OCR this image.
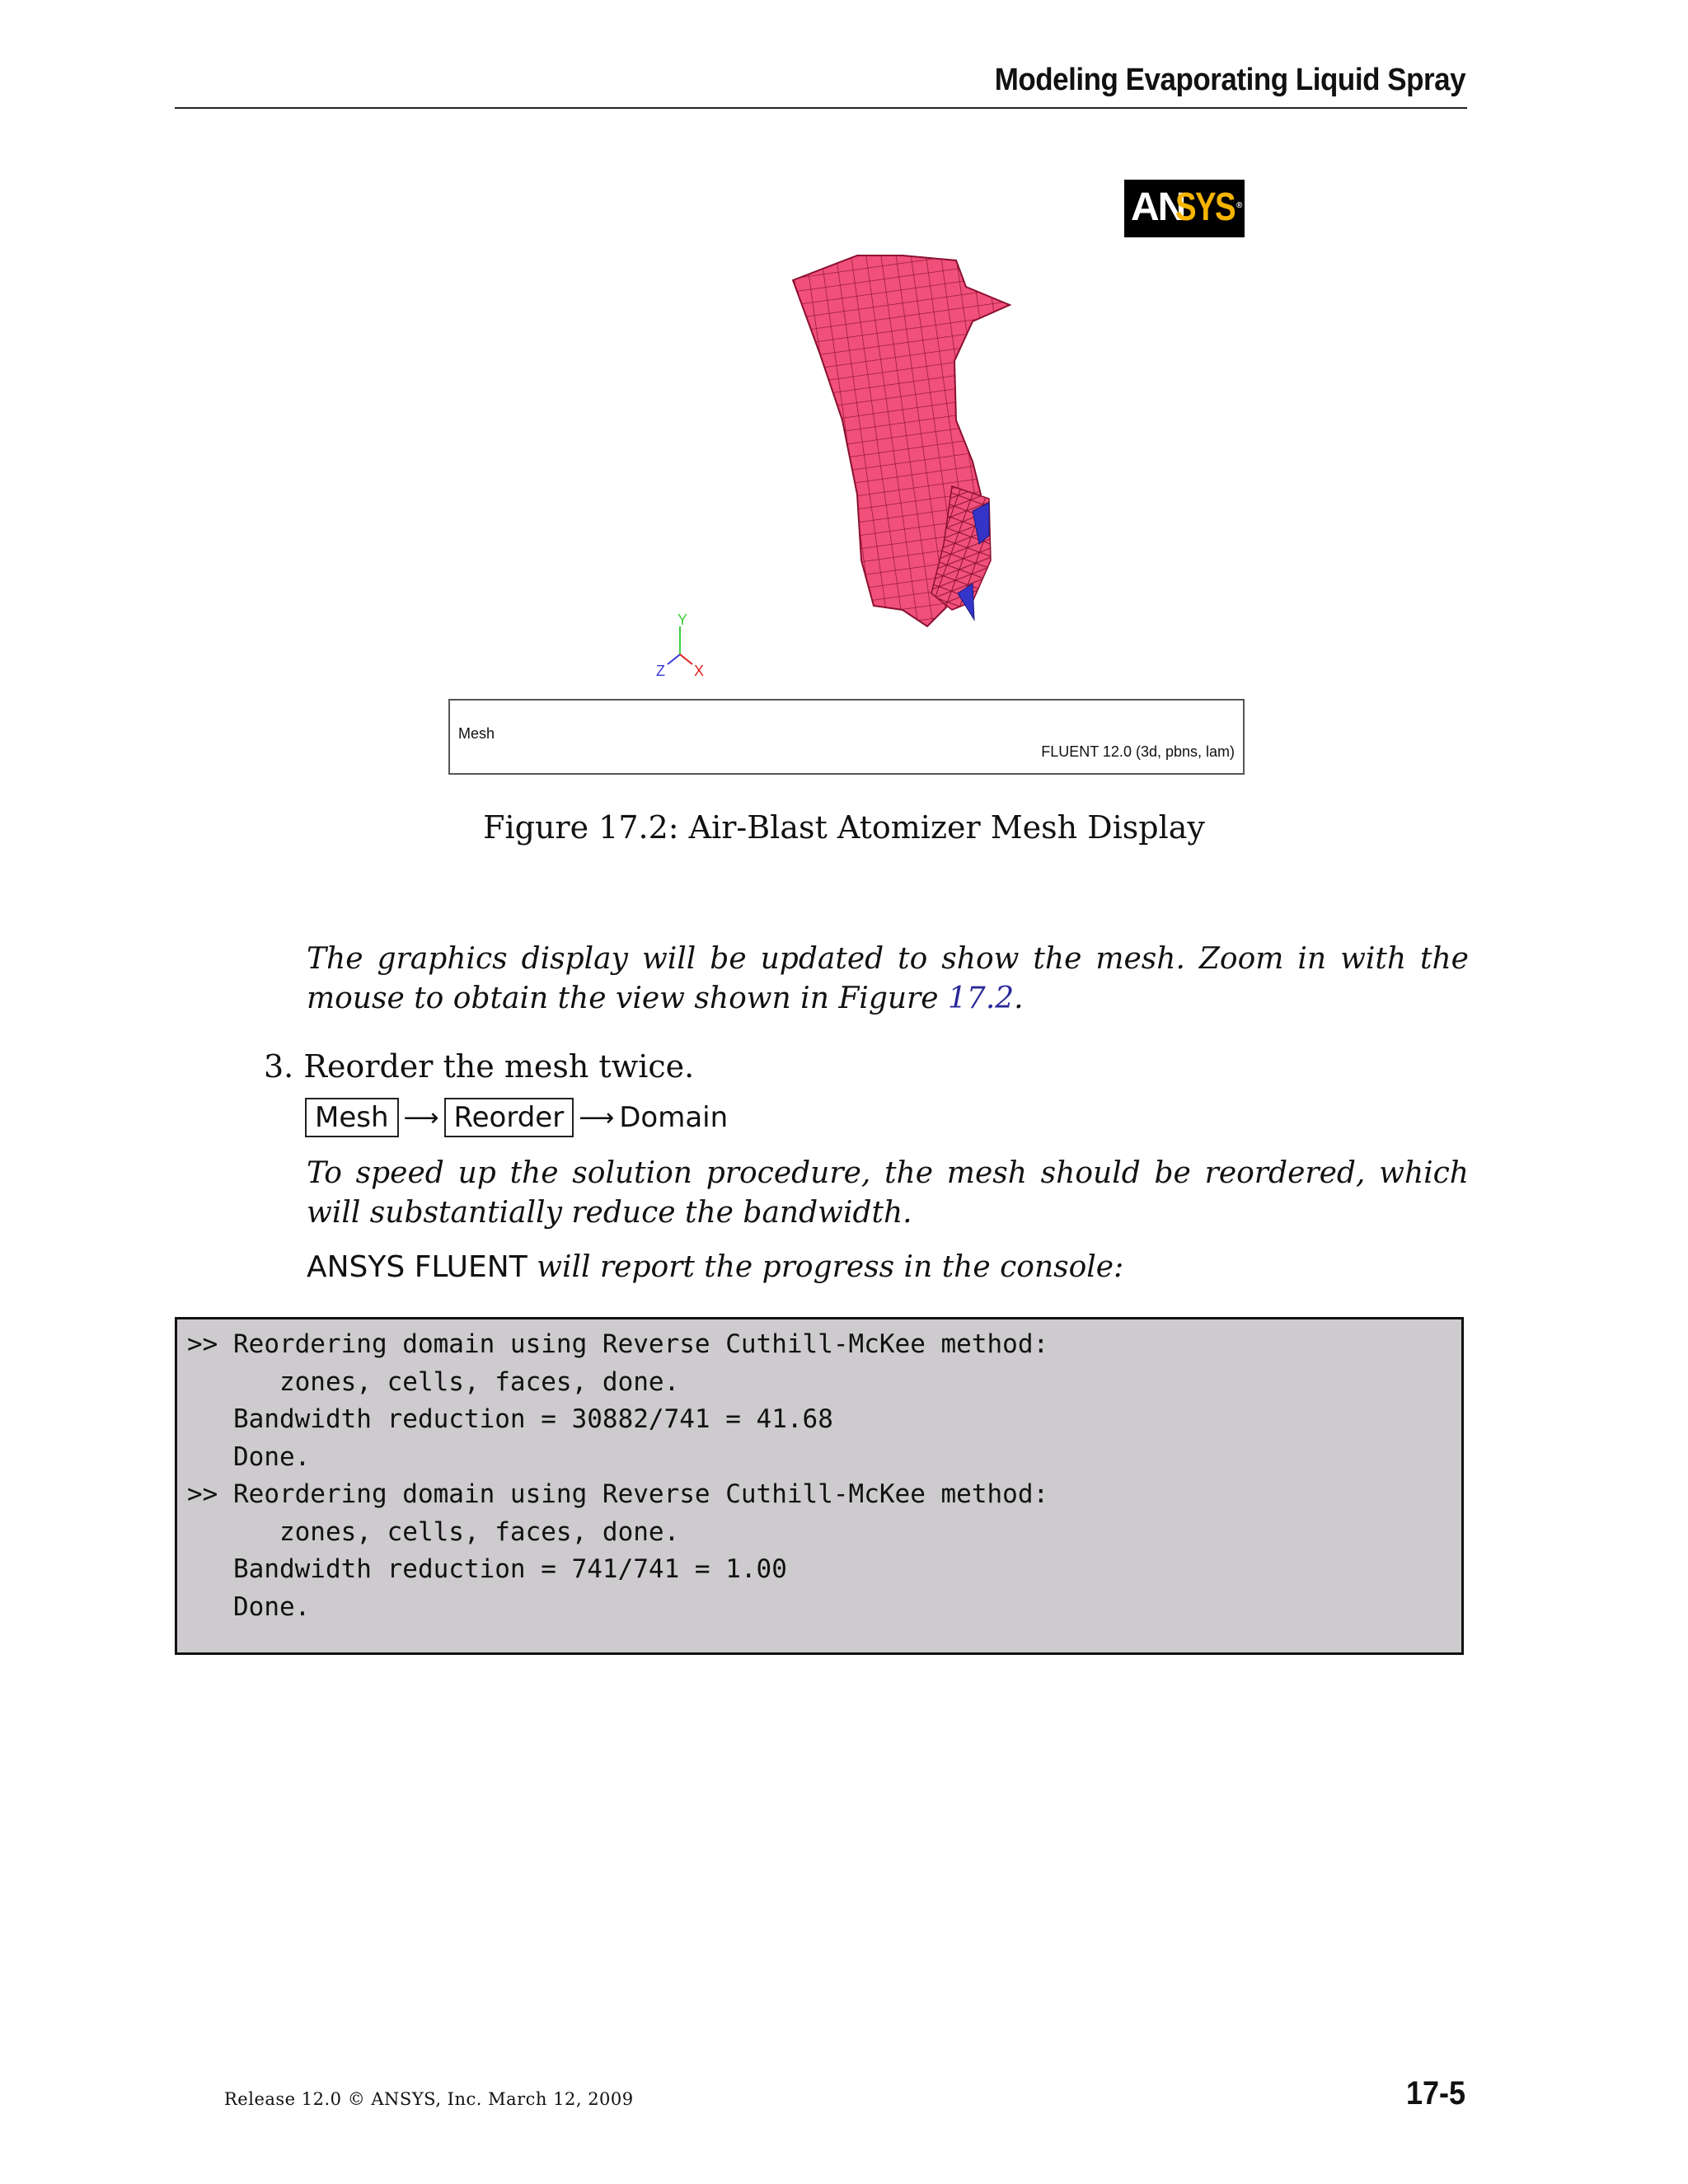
Modeling Evaporating Liquid Spray
AN
SYS ®
Y
Z X
Mesh
FLUENT 12.0 (3d, pbns, lam)
Figure 17.2: Air-Blast Atomizer Mesh Display
The graphics display will be updated to show the mesh. Zoom in with the mouse to obtain the view shown in Figure 17.2.
3. Reorder the mesh twice.
Mesh ⟶ Reorder ⟶ Domain
To speed up the solution procedure, the mesh should be reordered, which will substantially reduce the bandwidth.
ANSYS FLUENT will report the progress in the console:
>> Reordering domain using Reverse Cuthill-McKee method:
zones, cells, faces, done.
Bandwidth reduction = 30882/741 = 41.68
Done.
>> Reordering domain using Reverse Cuthill-McKee method:
zones, cells, faces, done.
Bandwidth reduction = 741/741 = 1.00
Done.
Release 12.0 © ANSYS, Inc. March 12, 2009	17-5
